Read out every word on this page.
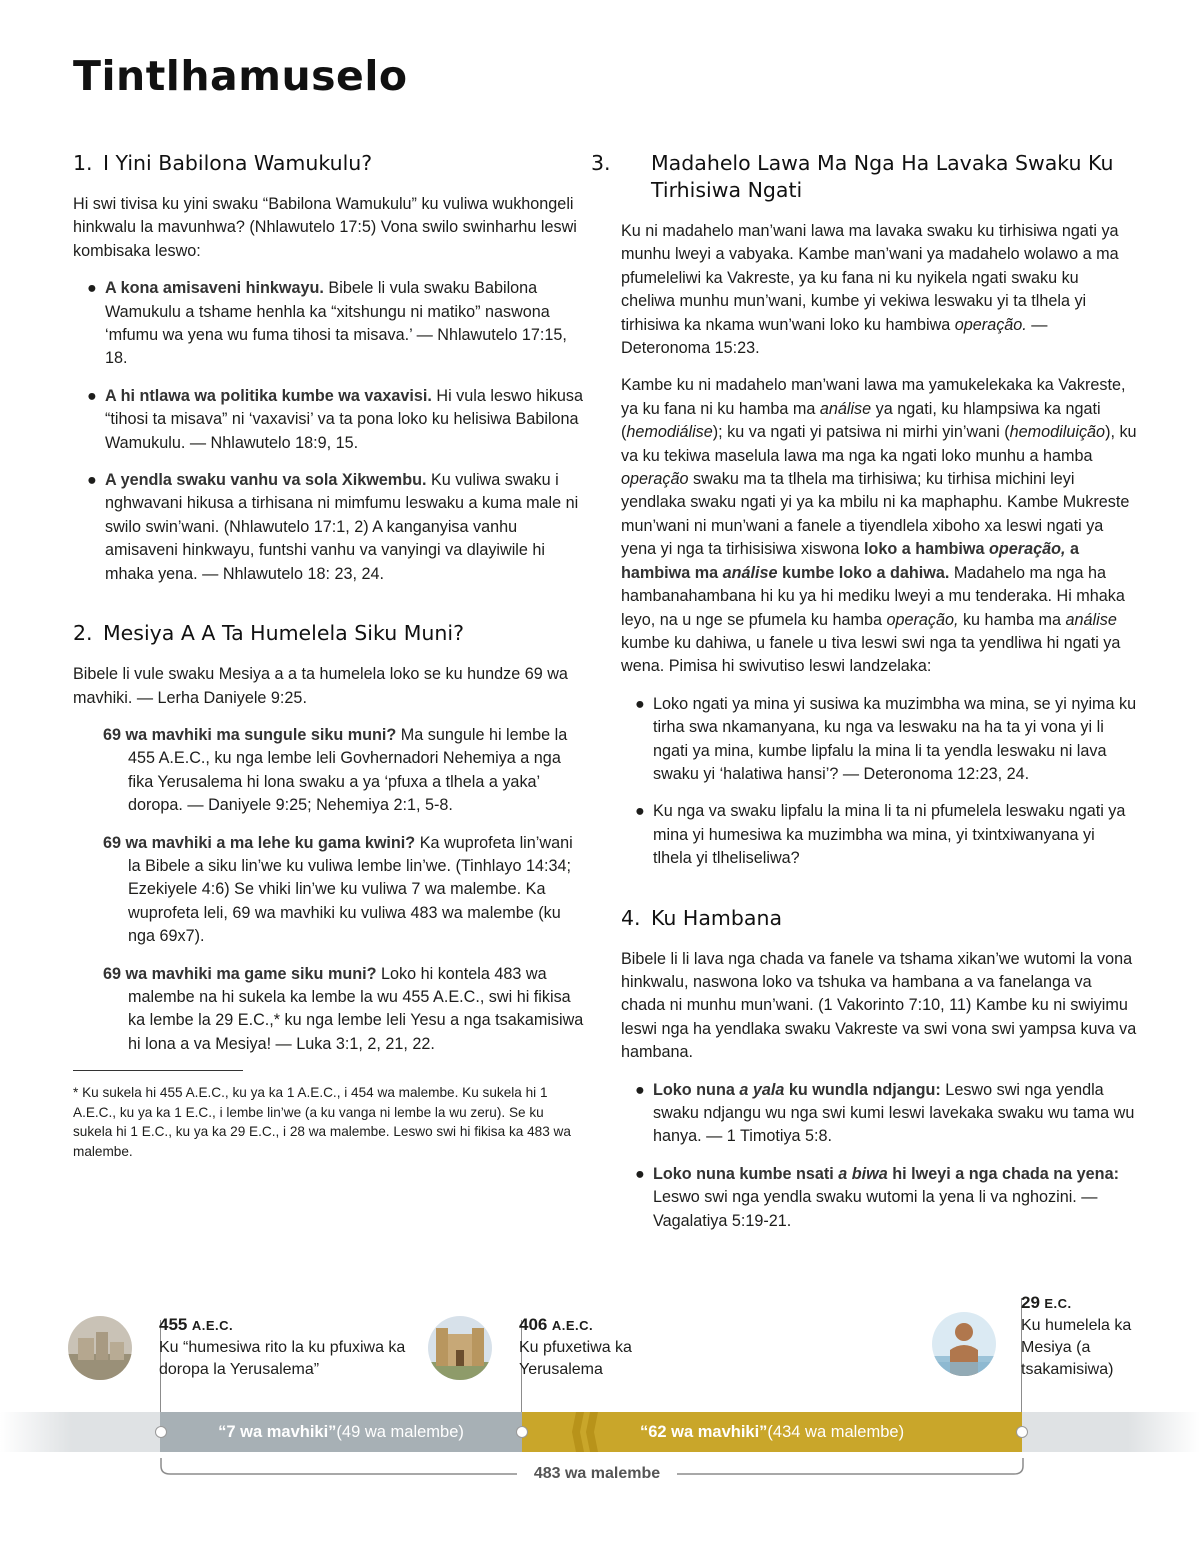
Tintlhamuselo
1. I Yini Babilona Wamukulu?

Hi swi tivisa ku yini swaku “Babilona Wamukulu” ku vuliwa wukhongeli hinkwalu la mavunhwa? (Nhlawutelo 17:5) Vona swilo swinharhu leswi kombisaka leswo:

● A kona amisaveni hinkwayu. Bibele li vula swaku Babilona Wamukulu a tshame henhla ka “xitshungu ni matiko” naswona ‘mfumu wa yena wu fuma tihosi ta misava.’ — Nhlawutelo 17:15, 18.
● A hi ntlawa wa politika kumbe wa vaxavisi. Hi vula leswo hikusa “tihosi ta misava” ni ‘vaxavisi’ va ta pona loko ku helisiwa Babilona Wamukulu. — Nhlawutelo 18:9, 15.
● A yendla swaku vanhu va sola Xikwembu. Ku vuliwa swaku i nghwavani hikusa a tirhisana ni mimfumu leswaku a kuma male ni swilo swin’wani. (Nhlawutelo 17:1, 2) A kanganyisa vanhu amisaveni hinkwayu, funtshi vanhu va vanyingi va dlayiwile hi mhaka yena. — Nhlawutelo 18: 23, 24.
2. Mesiya A A Ta Humelela Siku Muni?

Bibele li vule swaku Mesiya a a ta humelela loko se ku hundze 69 wa mavhiki. — Lerha Daniyele 9:25.

69 wa mavhiki ma sungule siku muni? Ma sungule hi lembe la 455 A.E.C., ku nga lembe leli Govhernadori Nehemiya a nga fika Yerusalema hi lona swaku a ya ‘pfuxa a tlhela a yaka’ doropa. — Daniyele 9:25; Nehemiya 2:1, 5-8.
69 wa mavhiki a ma lehe ku gama kwini? Ka wuprofeta lin’wani la Bibele a siku lin’we ku vuliwa lembe lin’we. (Tinhlayo 14:34; Ezekiyele 4:6) Se vhiki lin’we ku vuliwa 7 wa malembe. Ka wuprofeta leli, 69 wa mavhiki ku vuliwa 483 wa malembe (ku nga 69x7).
69 wa mavhiki ma game siku muni? Loko hi kontela 483 wa malembe na hi sukela ka lembe la wu 455 A.E.C., swi hi fikisa ka lembe la 29 E.C.,* ku nga lembe leli Yesu a nga tsakamisiwa hi lona a va Mesiya! — Luka 3:1, 2, 21, 22.

* Ku sukela hi 455 A.E.C., ku ya ka 1 A.E.C., i 454 wa malembe. Ku sukela hi 1 A.E.C., ku ya ka 1 E.C., i lembe lin’we (a ku vanga ni lembe la wu zeru). Se ku sukela hi 1 E.C., ku ya ka 29 E.C., i 28 wa malembe. Leswo swi hi fikisa ka 483 wa malembe.

3. Madahelo Lawa Ma Nga Ha Lavaka Swaku Ku Tirhisiwa Ngati

Ku ni madahelo man’wani lawa ma lavaka swaku ku tirhisiwa ngati ya munhu lweyi a vabyaka. Kambe man’wani ya madahelo wolawo a ma pfumeleliwi ka Vakreste, ya ku fana ni ku nyikela ngati swaku ku cheliwa munhu mun’wani, kumbe yi vekiwa leswaku yi ta tlhela yi tirhisiwa ka nkama wun’wani loko ku hambiwa operação. — Deteronoma 15:23.

Kambe ku ni madahelo man’wani lawa ma yamukelekaka ka Vakreste, ya ku fana ni ku hamba ma análise ya ngati, ku hlampsiwa ka ngati (hemodiálise); ku va ngati yi patsiwa ni mirhi yin’wani (hemodiluição), ku va ku tekiwa maselula lawa ma nga ka ngati loko munhu a hamba operação swaku ma ta tlhela ma tirhisiwa; ku tirhisa michini leyi yendlaka swaku ngati yi ya ka mbilu ni ka maphaphu. Kambe Mukreste mun’wani ni mun’wani a fanele a tiyendlela xiboho xa leswi ngati ya yena yi nga ta tirhisisiwa xiswona loko a hambiwa operação, a hambiwa ma análise kumbe loko a dahiwa. Madahelo ma nga ha hambanahambana hi ku ya hi mediku lweyi a mu tenderaka. Hi mhaka leyo, na u nge se pfumela ku hamba operação, ku hamba ma análise kumbe ku dahiwa, u fanele u tiva leswi swi nga ta yendliwa hi ngati ya wena. Pimisa hi swivutiso leswi landzelaka:

● Loko ngati ya mina yi susiwa ka muzimbha wa mina, se yi nyima ku tirha swa nkamanyana, ku nga va leswaku na ha ta yi vona yi li ngati ya mina, kumbe lipfalu la mina li ta yendla leswaku ni lava swaku yi ‘halatiwa hansi’? — Deteronoma 12:23, 24.
● Ku nga va swaku lipfalu la mina li ta ni pfumelela leswaku ngati ya mina yi humesiwa ka muzimbha wa mina, yi txintxiwanyana yi tlhela yi tlheliseliwa?
4. Ku Hambana

Bibele li li lava nga chada va fanele va tshama xikan’we wutomi la vona hinkwalu, naswona loko va tshuka va hambana a va fanelanga va chada ni munhu mun’wani. (1 Vakorinto 7:10, 11) Kambe ku ni swiyimu leswi nga ha yendlaka swaku Vakreste va swi vona swi yampsa kuva va hambana.

● Loko nuna a yala ku wundla ndjangu: Leswo swi nga yendla swaku ndjangu wu nga swi kumi leswi lavekaka swaku wu tama wu hanya. — 1 Timotiya 5:8.
● Loko nuna kumbe nsati a biwa hi lweyi a nga chada na yena: Leswo swi nga yendla swaku wutomi la yena li va nghozini. — Vagalatiya 5:19-21.
455 A.E.C.
Ku “humesiwa rito la ku pfuxiwa ka doropa la Yerusalema”
406 A.E.C.
Ku pfuxetiwa ka Yerusalema
29 E.C.
Ku humelela ka Mesiya (a tsakamisiwa)
“7 wa mavhiki” (49 wa malembe)	“62 wa mavhiki” (434 wa malembe)
483 wa malembe
